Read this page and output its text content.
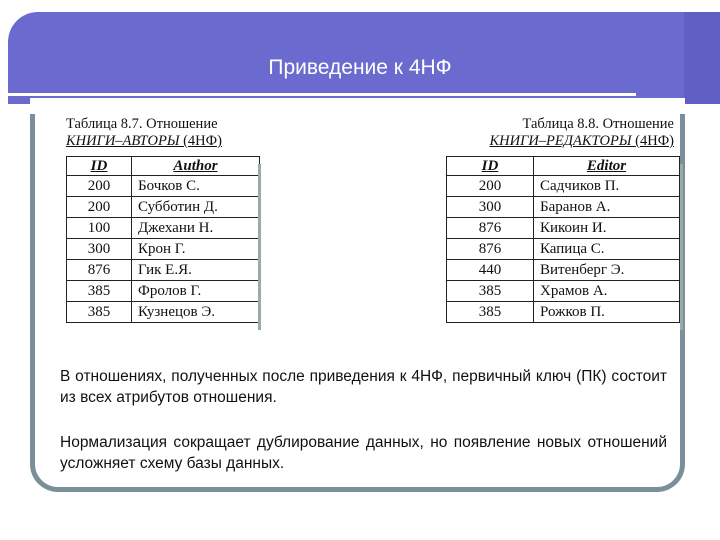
Приведение к 4НФ
Таблица 8.7. Отношение
КНИГИ–АВТОРЫ (4НФ)
ID	Author
200	Бочков С.
200	Субботин Д.
100	Джехани Н.
300	Крон Г.
876	Гик Е.Я.
385	Фролов Г.
385	Кузнецов Э.
Таблица 8.8. Отношение
КНИГИ–РЕДАКТОРЫ (4НФ)
ID	Editor
200	Садчиков П.
300	Баранов А.
876	Кикоин И.
876	Капица С.
440	Витенберг Э.
385	Храмов А.
385	Рожков П.
В отношениях, полученных после приведения к 4НФ, первичный ключ (ПК) состоит из всех атрибутов отношения.
Нормализация сокращает дублирование данных, но появление новых отношений усложняет схему базы данных.
